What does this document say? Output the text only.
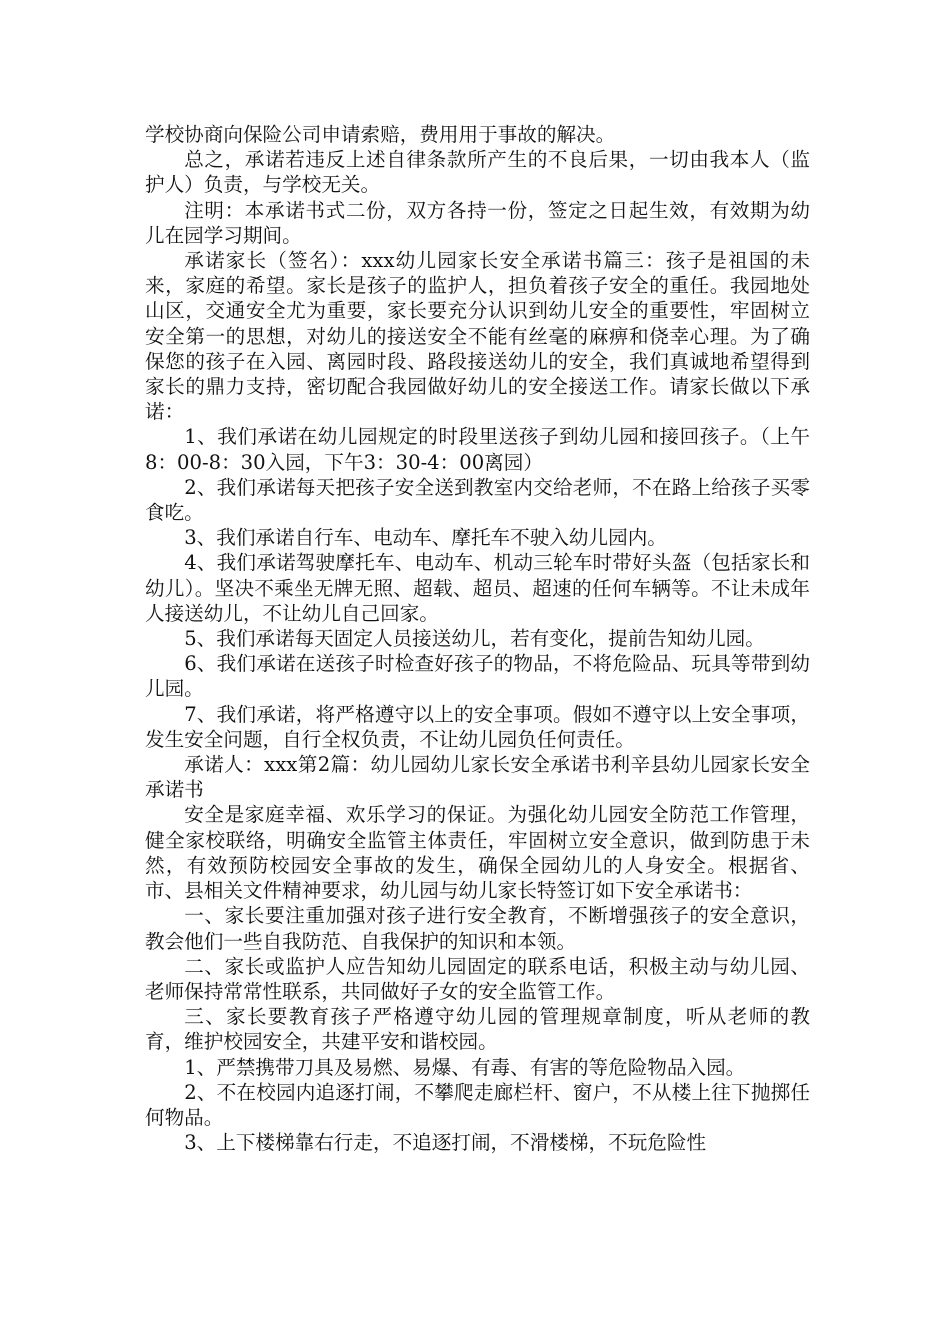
学校协商向保险公司申请索赔，费用用于事故的解决。

总之，承诺若违反上述自律条款所产生的不良后果，一切由我本人（监护人）负责，与学校无关。

注明：本承诺书式二份，双方各持一份，签定之日起生效，有效期为幼儿在园学习期间。

承诺家长（签名）：xxx幼儿园家长安全承诺书篇三：孩子是祖国的未来，家庭的希望。家长是孩子的监护人，担负着孩子安全的重任。我园地处山区，交通安全尤为重要，家长要充分认识到幼儿安全的重要性，牢固树立安全第一的思想，对幼儿的接送安全不能有丝毫的麻痹和侥幸心理。为了确保您的孩子在入园、离园时段、路段接送幼儿的安全，我们真诚地希望得到家长的鼎力支持，密切配合我园做好幼儿的安全接送工作。请家长做以下承诺：

1、我们承诺在幼儿园规定的时段里送孩子到幼儿园和接回孩子。（上午8：00-8：30入园，下午3：30-4：00离园）

2、我们承诺每天把孩子安全送到教室内交给老师，不在路上给孩子买零食吃。

3、我们承诺自行车、电动车、摩托车不驶入幼儿园内。

4、我们承诺驾驶摩托车、电动车、机动三轮车时带好头盔（包括家长和幼儿）。坚决不乘坐无牌无照、超载、超员、超速的任何车辆等。不让未成年人接送幼儿，不让幼儿自己回家。

5、我们承诺每天固定人员接送幼儿，若有变化，提前告知幼儿园。

6、我们承诺在送孩子时检查好孩子的物品，不将危险品、玩具等带到幼儿园。

7、我们承诺，将严格遵守以上的安全事项。假如不遵守以上安全事项，发生安全问题，自行全权负责，不让幼儿园负任何责任。

承诺人：xxx第2篇：幼儿园幼儿家长安全承诺书利辛县幼儿园家长安全承诺书

安全是家庭幸福、欢乐学习的保证。为强化幼儿园安全防范工作管理，健全家校联络，明确安全监管主体责任，牢固树立安全意识，做到防患于未然，有效预防校园安全事故的发生，确保全园幼儿的人身安全。根据省、市、县相关文件精神要求，幼儿园与幼儿家长特签订如下安全承诺书：

一、家长要注重加强对孩子进行安全教育，不断增强孩子的安全意识，教会他们一些自我防范、自我保护的知识和本领。

二、家长或监护人应告知幼儿园固定的联系电话，积极主动与幼儿园、老师保持常常性联系，共同做好子女的安全监管工作。

三、家长要教育孩子严格遵守幼儿园的管理规章制度，听从老师的教育，维护校园安全，共建平安和谐校园。

1、严禁携带刀具及易燃、易爆、有毒、有害的等危险物品入园。

2、不在校园内追逐打闹，不攀爬走廊栏杆、窗户，不从楼上往下抛掷任何物品。

3、上下楼梯靠右行走，不追逐打闹，不滑楼梯，不玩危险性
